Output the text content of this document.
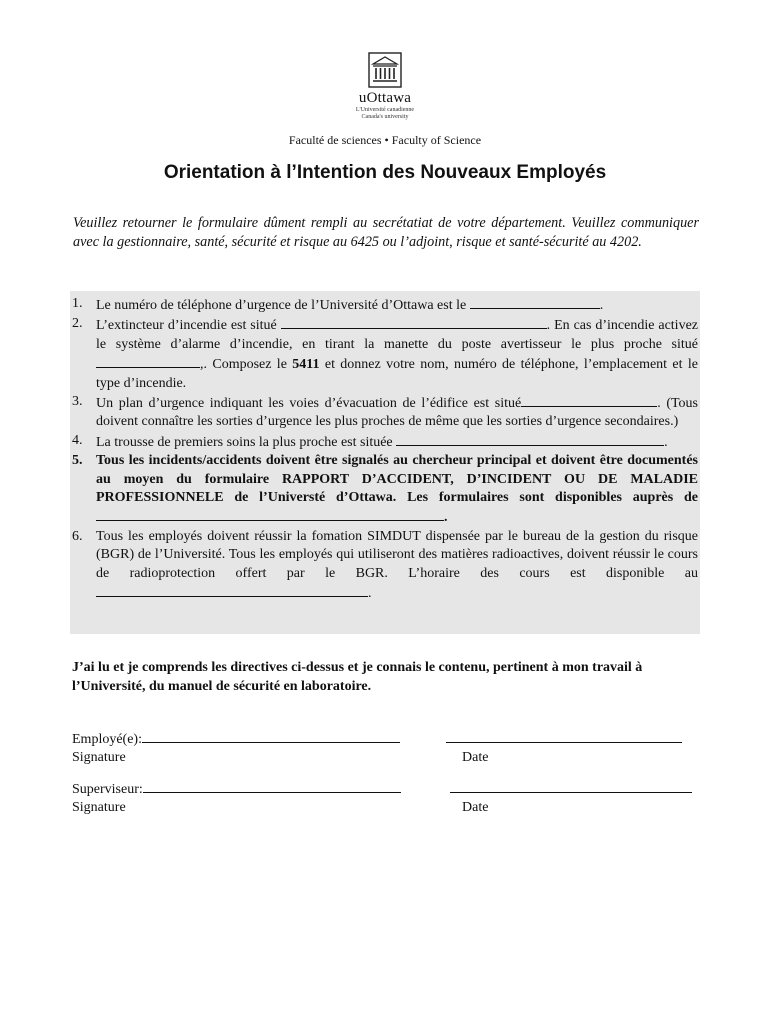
uOttawa
L'Université canadienne
Canada's university
Faculté de sciences • Faculty of Science
Orientation à l’Intention des Nouveaux Employés
Veuillez retourner le formulaire dûment rempli au secrétatiat de votre département. Veuillez communiquer avec la gestionnaire, santé, sécurité et risque au 6425 ou l’adjoint, risque et santé-sécurité au 4202.
1. Le numéro de téléphone d’urgence de l’Université d’Ottawa est le	.
2. L’extincteur d’incendie est situé	. En cas d’incendie activez le système d’alarme d’incendie, en tirant la manette du poste avertisseur le plus proche situé ,. Composez le 5411 et donnez votre nom, numéro de téléphone, l’emplacement et le type d’incendie.
3. Un plan d’urgence indiquant les voies d’évacuation de l’édifice est situé	. (Tous doivent connaître les sorties d’urgence les plus proches de même que les sorties d’urgence secondaires.)
4. La trousse de premiers soins la plus proche est située	.
5. Tous les incidents/accidents doivent être signalés au chercheur principal et doivent être documentés au moyen du formulaire RAPPORT D’ACCIDENT, D’INCIDENT OU DE MALADIE PROFESSIONNELE de l’Universté d’Ottawa. Les formulaires sont disponibles auprès de .
6. Tous les employés doivent réussir la fomation SIMDUT dispensée par le bureau de la gestion du risque (BGR) de l’Université. Tous les employés qui utiliseront des matières radioactives, doivent réussir le cours de radioprotection offert par le BGR. L’horaire des cours est disponible au .
J’ai lu et je comprends les directives ci-dessus et je connais le contenu, pertinent à mon travail à l’Université, du manuel de sécurité en laboratoire.
Employé(e):
Signature	Date
Superviseur:
Signature	Date
